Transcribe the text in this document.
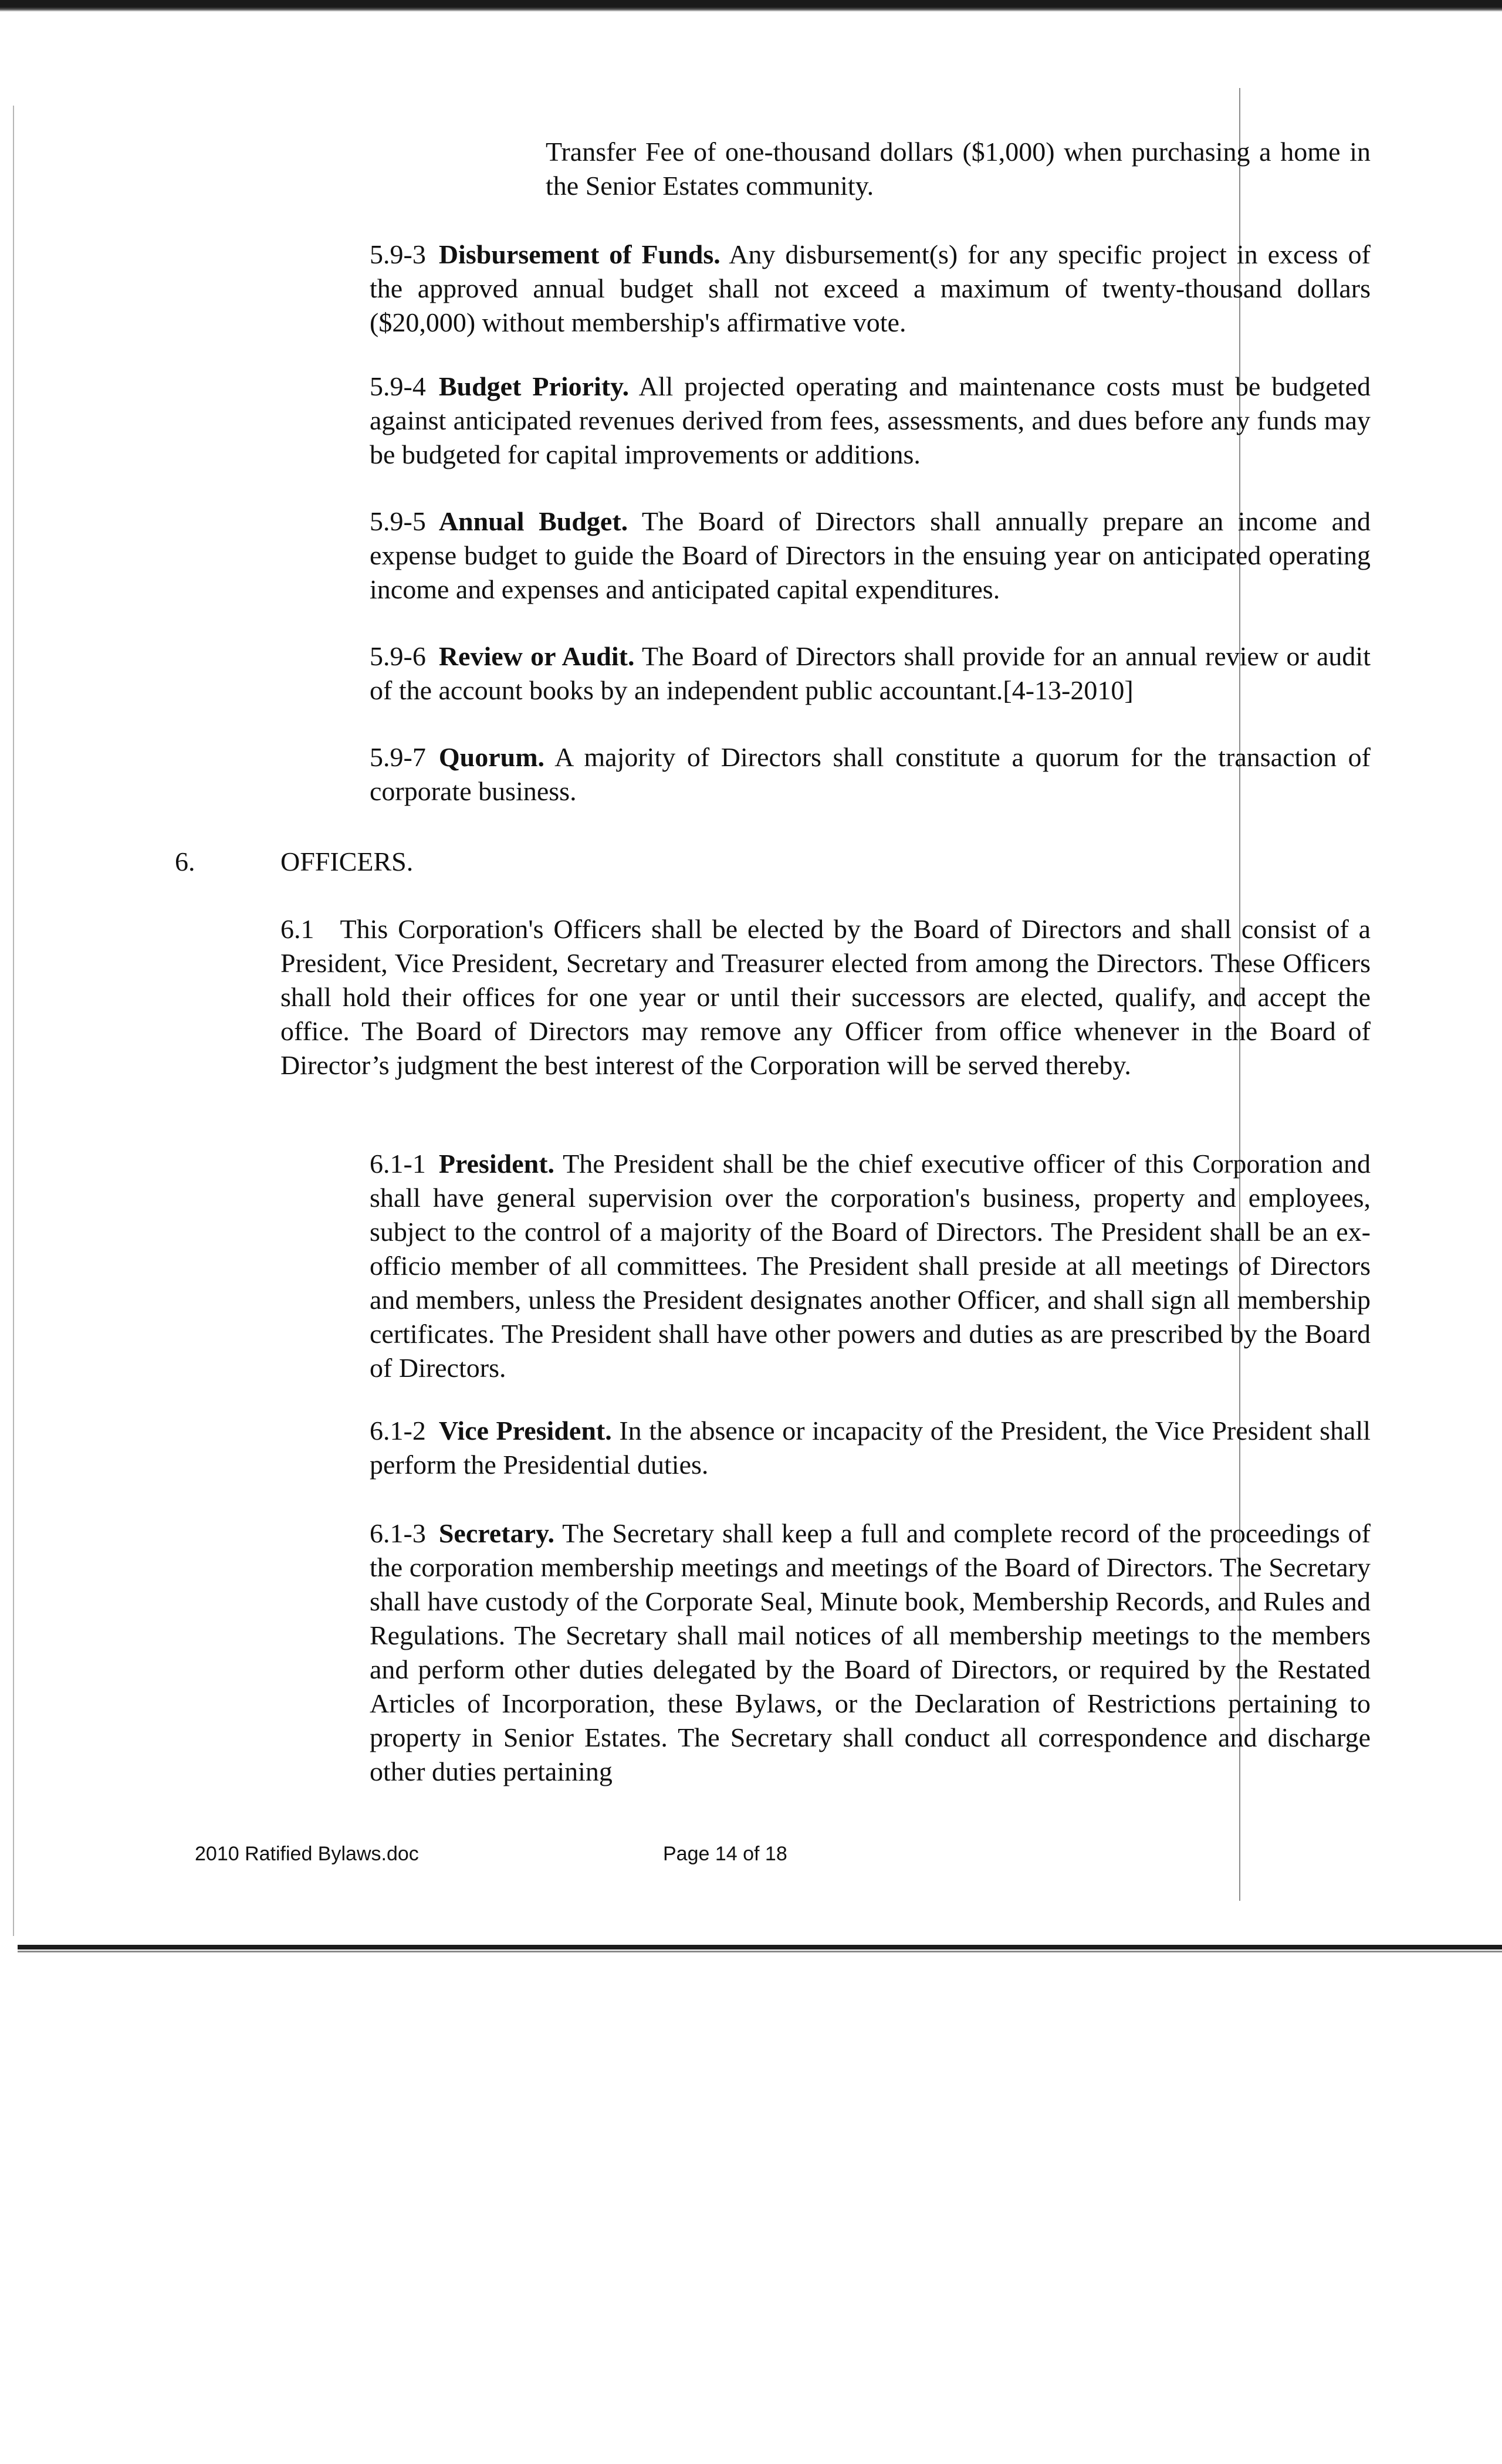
Transfer Fee of one-thousand dollars ($1,000) when purchasing a home in the Senior Estates community.

5.9-3 Disbursement of Funds. Any disbursement(s) for any specific project in excess of the approved annual budget shall not exceed a maximum of twenty-thousand dollars ($20,000) without membership's affirmative vote.

5.9-4 Budget Priority. All projected operating and maintenance costs must be budgeted against anticipated revenues derived from fees, assessments, and dues before any funds may be budgeted for capital improvements or additions.

5.9-5 Annual Budget. The Board of Directors shall annually prepare an income and expense budget to guide the Board of Directors in the ensuing year on anticipated operating income and expenses and anticipated capital expenditures.

5.9-6 Review or Audit. The Board of Directors shall provide for an annual review or audit of the account books by an independent public accountant.[4-13-2010]

5.9-7 Quorum. A majority of Directors shall constitute a quorum for the transaction of corporate business.

6.	OFFICERS.

6.1 This Corporation's Officers shall be elected by the Board of Directors and shall consist of a President, Vice President, Secretary and Treasurer elected from among the Directors. These Officers shall hold their offices for one year or until their successors are elected, qualify, and accept the office. The Board of Directors may remove any Officer from office whenever in the Board of Director’s judgment the best interest of the Corporation will be served thereby.

6.1-1 President. The President shall be the chief executive officer of this Corporation and shall have general supervision over the corporation's business, property and employees, subject to the control of a majority of the Board of Directors. The President shall be an ex-officio member of all committees. The President shall preside at all meetings of Directors and members, unless the President designates another Officer, and shall sign all membership certificates. The President shall have other powers and duties as are prescribed by the Board of Directors.

6.1-2 Vice President. In the absence or incapacity of the President, the Vice President shall perform the Presidential duties.

6.1-3 Secretary. The Secretary shall keep a full and complete record of the proceedings of the corporation membership meetings and meetings of the Board of Directors. The Secretary shall have custody of the Corporate Seal, Minute book, Membership Records, and Rules and Regulations. The Secretary shall mail notices of all membership meetings to the members and perform other duties delegated by the Board of Directors, or required by the Restated Articles of Incorporation, these Bylaws, or the Declaration of Restrictions pertaining to property in Senior Estates. The Secretary shall conduct all correspondence and discharge other duties pertaining

2010 Ratified Bylaws.doc	Page 14 of 18
